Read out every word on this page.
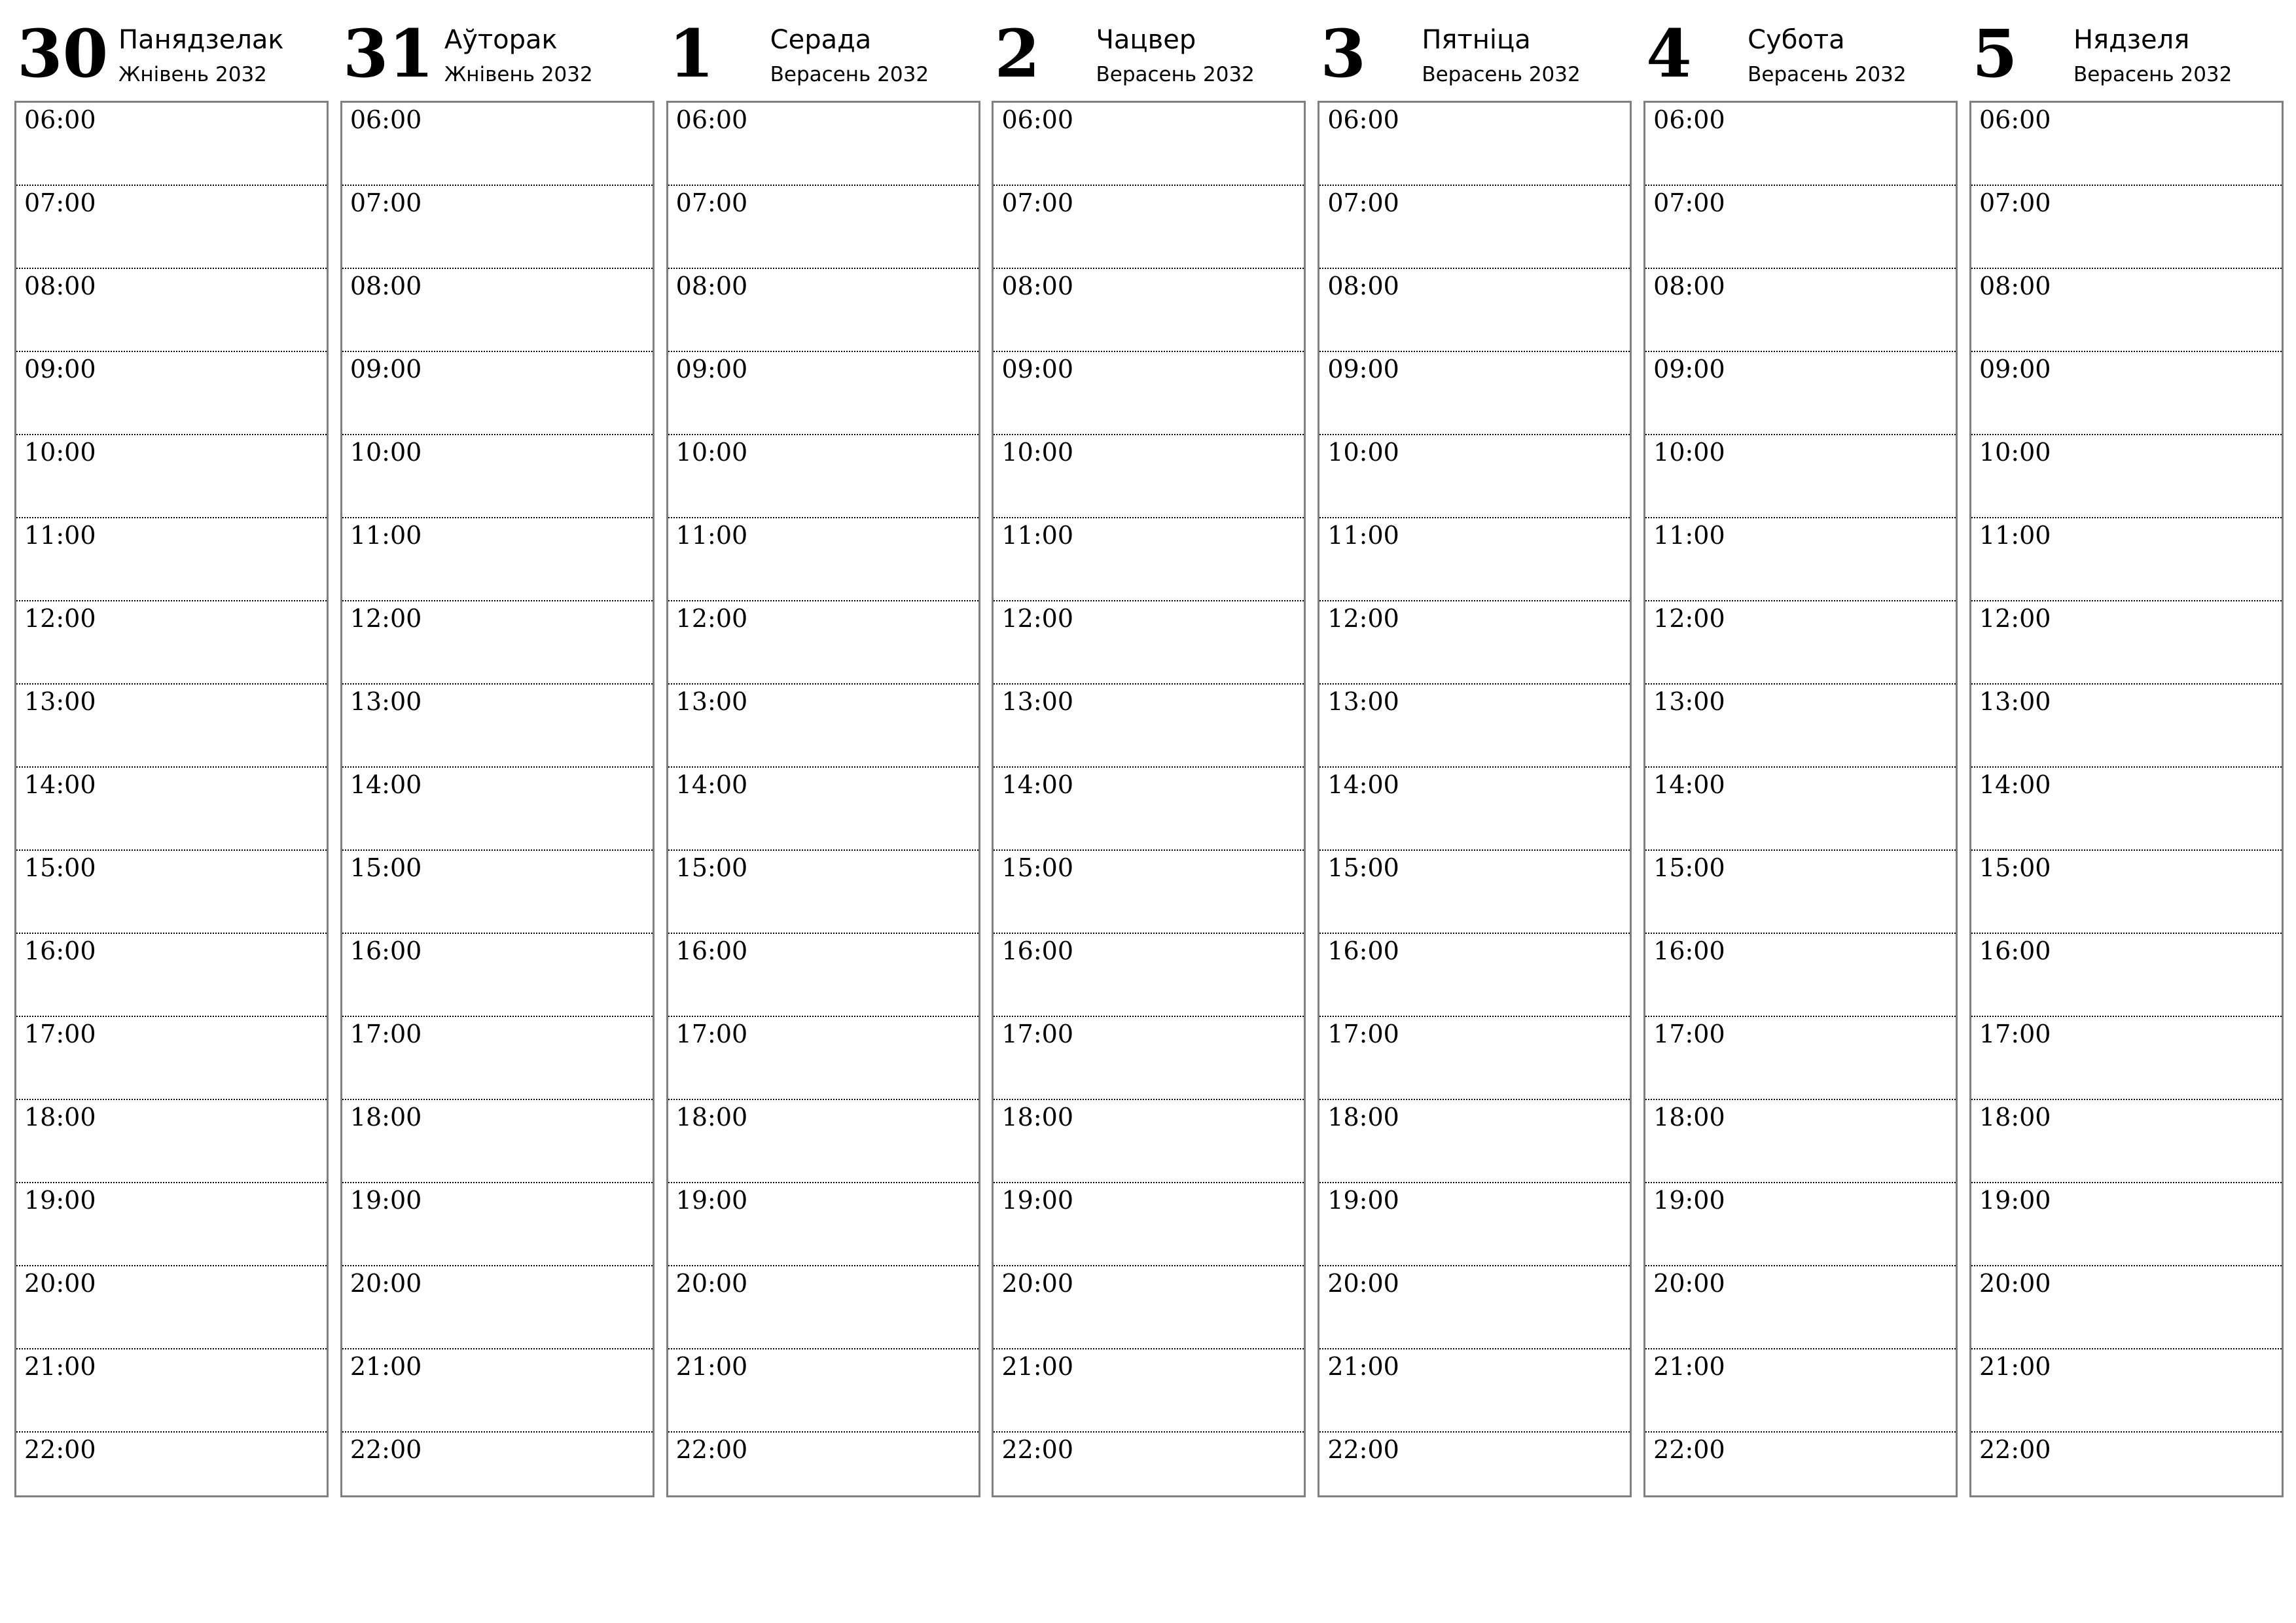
30 Панядзелак
Жнівень 2032
06:00
07:00
08:00
09:00
10:00
11:00
12:00
13:00
14:00
15:00
16:00
17:00
18:00
19:00
20:00
21:00
22:00
31 Аўторак
Жнівень 2032
06:00
07:00
08:00
09:00
10:00
11:00
12:00
13:00
14:00
15:00
16:00
17:00
18:00
19:00
20:00
21:00
22:00
1 Серада
Верасень 2032
06:00
07:00
08:00
09:00
10:00
11:00
12:00
13:00
14:00
15:00
16:00
17:00
18:00
19:00
20:00
21:00
22:00
2 Чацвер
Верасень 2032
06:00
07:00
08:00
09:00
10:00
11:00
12:00
13:00
14:00
15:00
16:00
17:00
18:00
19:00
20:00
21:00
22:00
3 Пятніца
Верасень 2032
06:00
07:00
08:00
09:00
10:00
11:00
12:00
13:00
14:00
15:00
16:00
17:00
18:00
19:00
20:00
21:00
22:00
4 Субота
Верасень 2032
06:00
07:00
08:00
09:00
10:00
11:00
12:00
13:00
14:00
15:00
16:00
17:00
18:00
19:00
20:00
21:00
22:00
5 Нядзеля
Верасень 2032
06:00
07:00
08:00
09:00
10:00
11:00
12:00
13:00
14:00
15:00
16:00
17:00
18:00
19:00
20:00
21:00
22:00
